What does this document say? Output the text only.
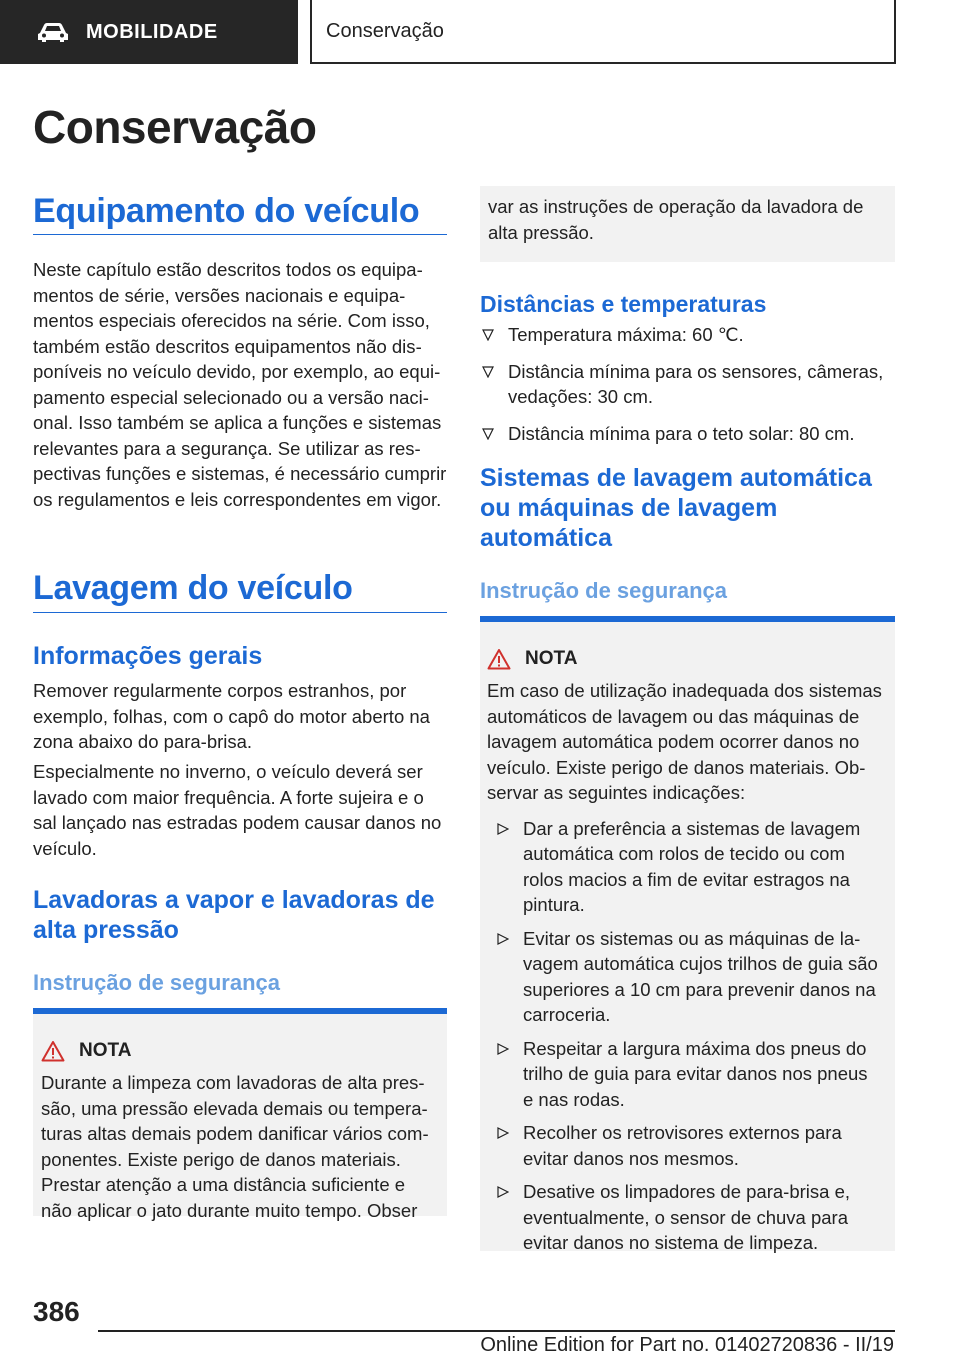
MOBILIDADE	Conservação
Conservação
Equipamento do veículo

Neste capítulo estão descritos todos os equipamentos de série, versões nacionais e equipamentos especiais oferecidos na série. Com isso, também estão descritos equipamentos não disponíveis no veículo devido, por exemplo, ao equipamento especial selecionado ou a versão nacional. Isso também se aplica a funções e sistemas relevantes para a segurança. Se utilizar as respectivas funções e sistemas, é necessário cumprir os regulamentos e leis correspondentes em vigor.

Lavagem do veículo
Informações gerais

Remover regularmente corpos estranhos, por exemplo, folhas, com o capô do motor aberto na zona abaixo do para-brisa.

Especialmente no inverno, o veículo deverá ser lavado com maior frequência. A forte sujeira e o sal lançado nas estradas podem causar danos no veículo.

Lavadoras a vapor e lavadoras de alta pressão
Instrução de segurança
NOTA

Durante a limpeza com lavadoras de alta pressão, uma pressão elevada demais ou temperaturas altas demais podem danificar vários componentes. Existe perigo de danos materiais. Prestar atenção a uma distância suficiente e não aplicar o jato durante muito tempo. Obser

var as instruções de operação da lavadora de alta pressão.

Distâncias e temperaturas
Temperatura máxima: 60 ℃.
Distância mínima para os sensores, câmeras, vedações: 30 cm.
Distância mínima para o teto solar: 80 cm.
Sistemas de lavagem automática ou máquinas de lavagem automática
Instrução de segurança
NOTA

Em caso de utilização inadequada dos sistemas automáticos de lavagem ou das máquinas de lavagem automática podem ocorrer danos no veículo. Existe perigo de danos materiais. Observar as seguintes indicações:

Dar a preferência a sistemas de lavagem automática com rolos de tecido ou com rolos macios a fim de evitar estragos na pintura.
Evitar os sistemas ou as máquinas de lavagem automática cujos trilhos de guia são superiores a 10 cm para prevenir danos na carroceria.
Respeitar a largura máxima dos pneus do trilho de guia para evitar danos nos pneus e nas rodas.
Recolher os retrovisores externos para evitar danos nos mesmos.
Desative os limpadores de para-brisa e, eventualmente, o sensor de chuva para evitar danos no sistema de limpeza.
386
Online Edition for Part no. 01402720836 - II/19
